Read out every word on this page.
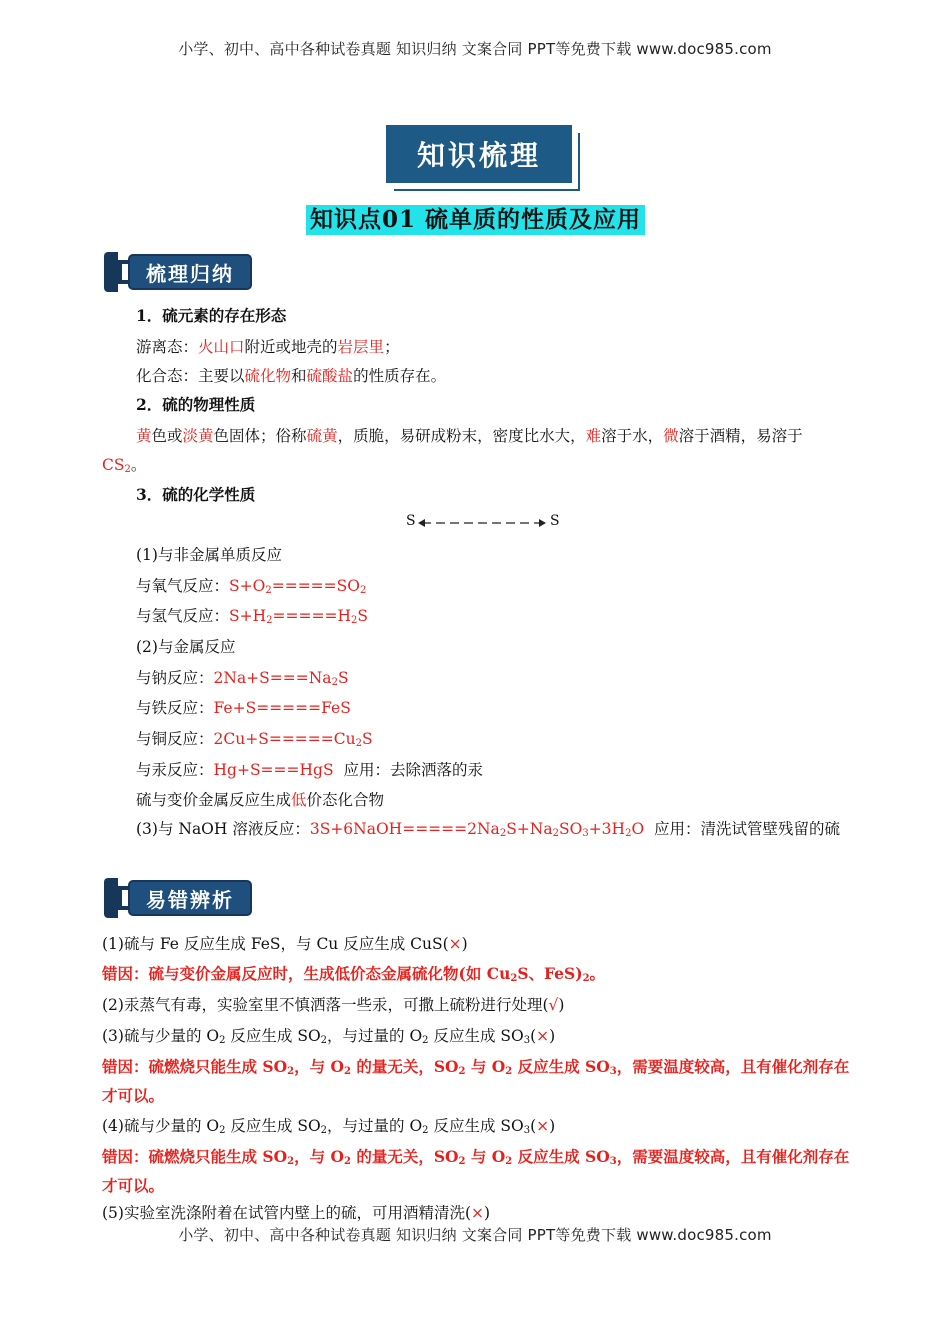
小学、初中、高中各种试卷真题 知识归纳 文案合同 PPT等免费下载 www.doc985.com
小学、初中、高中各种试卷真题 知识归纳 文案合同 PPT等免费下载 www.doc985.com
知识梳理
知识点01 硫单质的性质及应用
梳理归纳
1．硫元素的存在形态
游离态：火山口附近或地壳的岩层里；
化合态：主要以硫化物和硫酸盐的性质存在。
2．硫的物理性质
黄色或淡黄色固体；俗称硫黄，质脆，易研成粉末，密度比水大，难溶于水，微溶于酒精，易溶于
$CS_2$。
3．硫的化学性质
S	S
(1)与非金属单质反应
与氧气反应：$S+O_2=====SO_2$
与氢气反应：$S+H_2=====H_2S$
(2)与金属反应
与钠反应：$2Na+S===Na_2S$
与铁反应：Fe+S=====FeS
与铜反应：$2Cu+S=====Cu_2S$
与汞反应：Hg+S===HgS  应用：去除洒落的汞
硫与变价金属反应生成低价态化合物
(3)与 NaOH 溶液反应：$3S+6NaOH=====2Na_2S+Na_2SO_3+3H_2O$  应用：清洗试管壁残留的硫
易错辨析
(1)硫与 Fe 反应生成 FeS，与 Cu 反应生成 CuS(×)
错因：硫与变价金属反应时，生成低价态金属硫化物(如 $Cu_2S$、$FeS)_2$。
(2)汞蒸气有毒，实验室里不慎洒落一些汞，可撒上硫粉进行处理(√)
(3)硫与少量的 $O_2$ 反应生成 $SO_2$，与过量的 $O_2$ 反应生成 $SO_3(\times)$
错因：硫燃烧只能生成 $SO_2$，与 $O_2$ 的量无关，$SO_2$ 与 $O_2$ 反应生成 $SO_3$，需要温度较高，且有催化剂存在
才可以。
(4)硫与少量的 $O_2$ 反应生成 $SO_2$，与过量的 $O_2$ 反应生成 $SO_3(\times)$
错因：硫燃烧只能生成 $SO_2$，与 $O_2$ 的量无关，$SO_2$ 与 $O_2$ 反应生成 $SO_3$，需要温度较高，且有催化剂存在
才可以。
(5)实验室洗涤附着在试管内壁上的硫，可用酒精清洗(×)
